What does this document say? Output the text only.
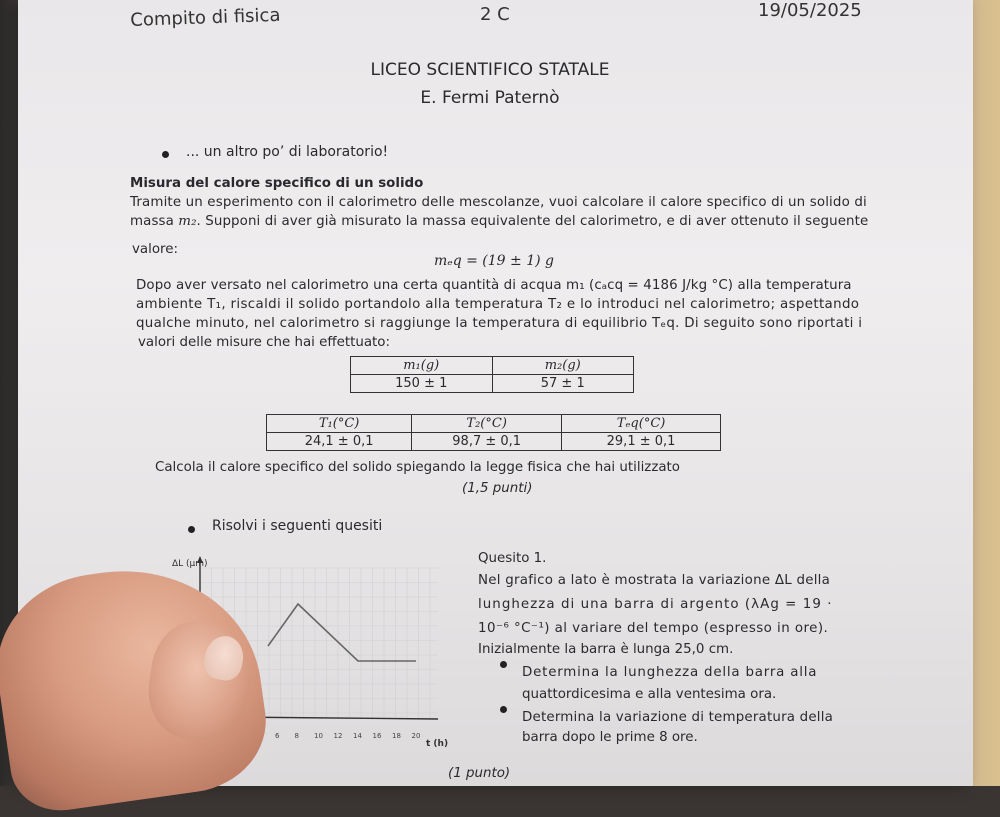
Compito di fisica	2 C	19/05/2025
LICEO SCIENTIFICO STATALE
E. Fermi Paternò
... un altro po’ di laboratorio!
Misura del calore specifico di un solido
Tramite un esperimento con il calorimetro delle mescolanze, vuoi calcolare il calore specifico di un solido di
massa m₂. Supponi di aver già misurato la massa equivalente del calorimetro, e di aver ottenuto il seguente
valore:
mₑq = (19 ± 1) g
Dopo aver versato nel calorimetro una certa quantità di acqua m₁ (cₐcq = 4186 J/kg °C) alla temperatura
ambiente T₁, riscaldi il solido portandolo alla temperatura T₂ e lo introduci nel calorimetro; aspettando
qualche minuto, nel calorimetro si raggiunge la temperatura di equilibrio Tₑq. Di seguito sono riportati i
valori delle misure che hai effettuato:
m₁(g)	m₂(g)
150 ± 1	57 ± 1
T₁(°C)	T₂(°C)	Tₑq(°C)
24,1 ± 0,1	98,7 ± 0,1	29,1 ± 0,1
Calcola il calore specifico del solido spiegando la legge fisica che hai utilizzato
(1,5 punti)
Risolvi i seguenti quesiti
ΔL (μm)
t (h)
6 8 10 12 14 16 18 20
Quesito 1.
Nel grafico a lato è mostrata la variazione ΔL della
lunghezza di una barra di argento (λAg = 19 ·
10⁻⁶ °C⁻¹) al variare del tempo (espresso in ore).
Inizialmente la barra è lunga 25,0 cm.
Determina la lunghezza della barra alla
quattordicesima e alla ventesima ora.
Determina la variazione di temperatura della
barra dopo le prime 8 ore.
(1 punto)
